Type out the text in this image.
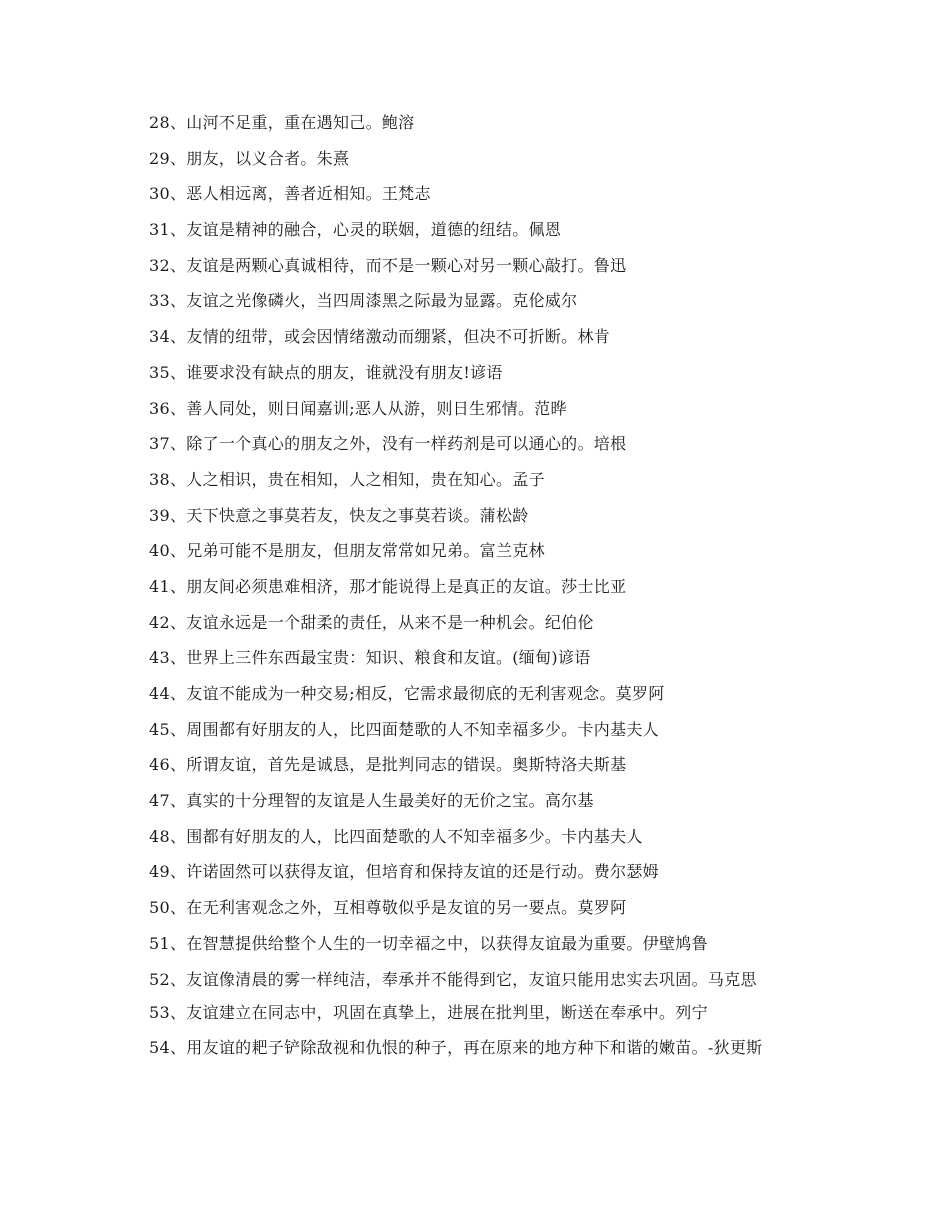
28、山河不足重，重在遇知己。鲍溶
29、朋友，以义合者。朱熹
30、恶人相远离，善者近相知。王梵志
31、友谊是精神的融合，心灵的联姻，道德的纽结。佩恩
32、友谊是两颗心真诚相待，而不是一颗心对另一颗心敲打。鲁迅
33、友谊之光像磷火，当四周漆黑之际最为显露。克伦威尔
34、友情的纽带，或会因情绪激动而绷紧，但决不可折断。林肯
35、谁要求没有缺点的朋友，谁就没有朋友!谚语
36、善人同处，则日闻嘉训;恶人从游，则日生邪情。范晔
37、除了一个真心的朋友之外，没有一样药剂是可以通心的。培根
38、人之相识，贵在相知，人之相知，贵在知心。孟子
39、天下快意之事莫若友，快友之事莫若谈。蒲松龄
40、兄弟可能不是朋友，但朋友常常如兄弟。富兰克林
41、朋友间必须患难相济，那才能说得上是真正的友谊。莎士比亚
42、友谊永远是一个甜柔的责任，从来不是一种机会。纪伯伦
43、世界上三件东西最宝贵：知识、粮食和友谊。(缅甸)谚语
44、友谊不能成为一种交易;相反，它需求最彻底的无利害观念。莫罗阿
45、周围都有好朋友的人，比四面楚歌的人不知幸福多少。卡内基夫人
46、所谓友谊，首先是诚恳，是批判同志的错误。奥斯特洛夫斯基
47、真实的十分理智的友谊是人生最美好的无价之宝。高尔基
48、围都有好朋友的人，比四面楚歌的人不知幸福多少。卡内基夫人
49、许诺固然可以获得友谊，但培育和保持友谊的还是行动。费尔瑟姆
50、在无利害观念之外，互相尊敬似乎是友谊的另一要点。莫罗阿
51、在智慧提供给整个人生的一切幸福之中，以获得友谊最为重要。伊壁鸠鲁
52、友谊像清晨的雾一样纯洁，奉承并不能得到它，友谊只能用忠实去巩固。马克思
53、友谊建立在同志中，巩固在真挚上，进展在批判里，断送在奉承中。列宁
54、用友谊的耙子铲除敌视和仇恨的种子，再在原来的地方种下和谐的嫩苗。-狄更斯
